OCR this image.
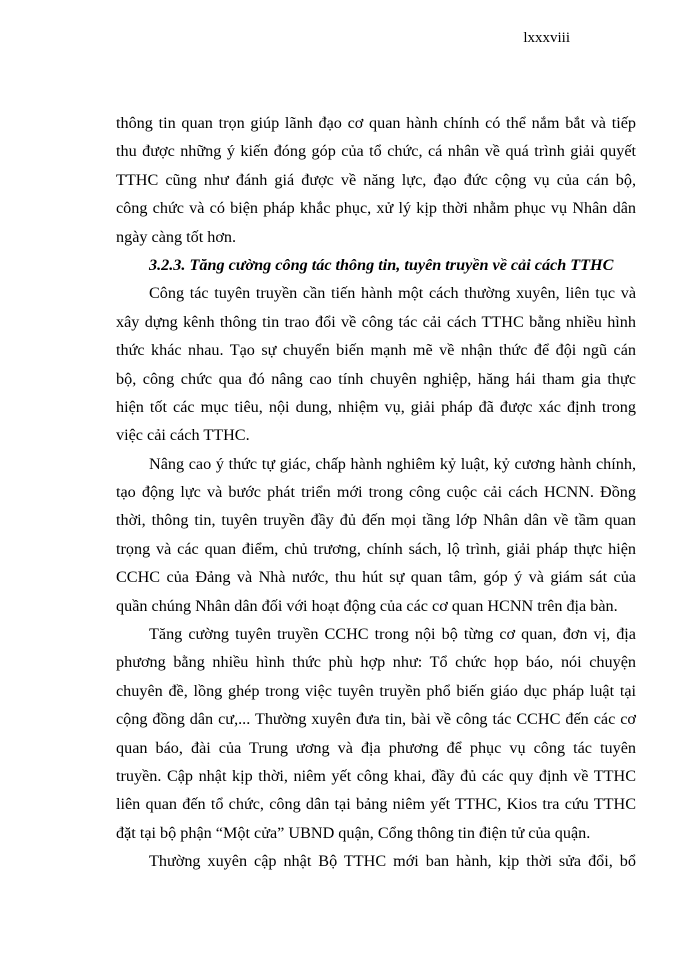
lxxxviii
thông tin quan trọn giúp lãnh đạo cơ quan hành chính có thể nắm bắt và tiếp
thu được những ý kiến đóng góp của tổ chức, cá nhân về quá trình giải quyết
TTHC cũng như đánh giá được về năng lực, đạo đức cộng vụ của cán bộ,
công chức và có biện pháp khắc phục, xử lý kịp thời nhằm phục vụ Nhân dân
ngày càng tốt hơn.
3.2.3. Tăng cường công tác thông tin, tuyên truyền về cải cách TTHC
Công tác tuyên truyền cần tiến hành một cách thường xuyên, liên tục và
xây dựng kênh thông tin trao đổi về công tác cải cách TTHC bằng nhiều hình
thức khác nhau. Tạo sự chuyển biến mạnh mẽ về nhận thức để đội ngũ cán
bộ, công chức qua đó nâng cao tính chuyên nghiệp, hăng hái tham gia thực
hiện tốt các mục tiêu, nội dung, nhiệm vụ, giải pháp đã được xác định trong
việc cải cách TTHC.
Nâng cao ý thức tự giác, chấp hành nghiêm kỷ luật, kỷ cương hành chính,
tạo động lực và bước phát triển mới trong công cuộc cải cách HCNN. Đồng
thời, thông tin, tuyên truyền đầy đủ đến mọi tầng lớp Nhân dân về tầm quan
trọng và các quan điểm, chủ trương, chính sách, lộ trình, giải pháp thực hiện
CCHC của Đảng và Nhà nước, thu hút sự quan tâm, góp ý và giám sát của
quần chúng Nhân dân đối với hoạt động của các cơ quan HCNN trên địa bàn.
Tăng cường tuyên truyền CCHC trong nội bộ từng cơ quan, đơn vị, địa
phương bằng nhiều hình thức phù hợp như: Tổ chức họp báo, nói chuyện
chuyên đề, lồng ghép trong việc tuyên truyền phổ biến giáo dục pháp luật tại
cộng đồng dân cư,... Thường xuyên đưa tin, bài về công tác CCHC đến các cơ
quan báo, đài của Trung ương và địa phương để phục vụ công tác tuyên
truyền. Cập nhật kịp thời, niêm yết công khai, đầy đủ các quy định về TTHC
liên quan đến tổ chức, công dân tại bảng niêm yết TTHC, Kios tra cứu TTHC
đặt tại bộ phận “Một cửa” UBND quận, Cổng thông tin điện tử của quận.
Thường xuyên cập nhật Bộ TTHC mới ban hành, kịp thời sửa đổi, bổ
